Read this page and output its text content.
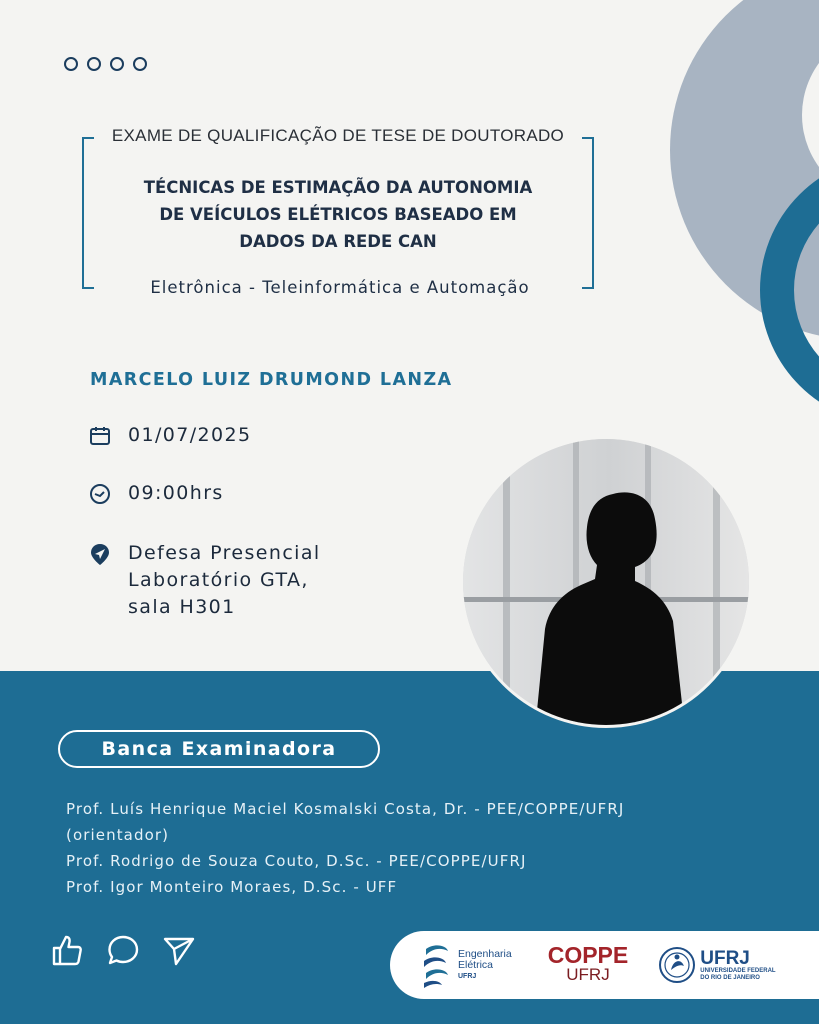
EXAME DE QUALIFICAÇÃO DE TESE DE DOUTORADO
TÉCNICAS DE ESTIMAÇÃO DA AUTONOMIA
DE VEÍCULOS ELÉTRICOS BASEADO EM
DADOS DA REDE CAN
Eletrônica - Teleinformática e Automação
MARCELO LUIZ DRUMOND LANZA
01/07/2025
09:00hrs
Defesa Presencial
Laboratório GTA,
sala H301
Banca Examinadora

Prof. Luís Henrique Maciel Kosmalski Costa, Dr. - PEE/COPPE/UFRJ

(orientador)

Prof. Rodrigo de Souza Couto, D.Sc. - PEE/COPPE/UFRJ

Prof. Igor Monteiro Moraes, D.Sc. - UFF

Engenharia
Elétrica
UFRJ
COPPE
UFRJ
UFRJ
UNIVERSIDADE FEDERAL
DO RIO DE JANEIRO
